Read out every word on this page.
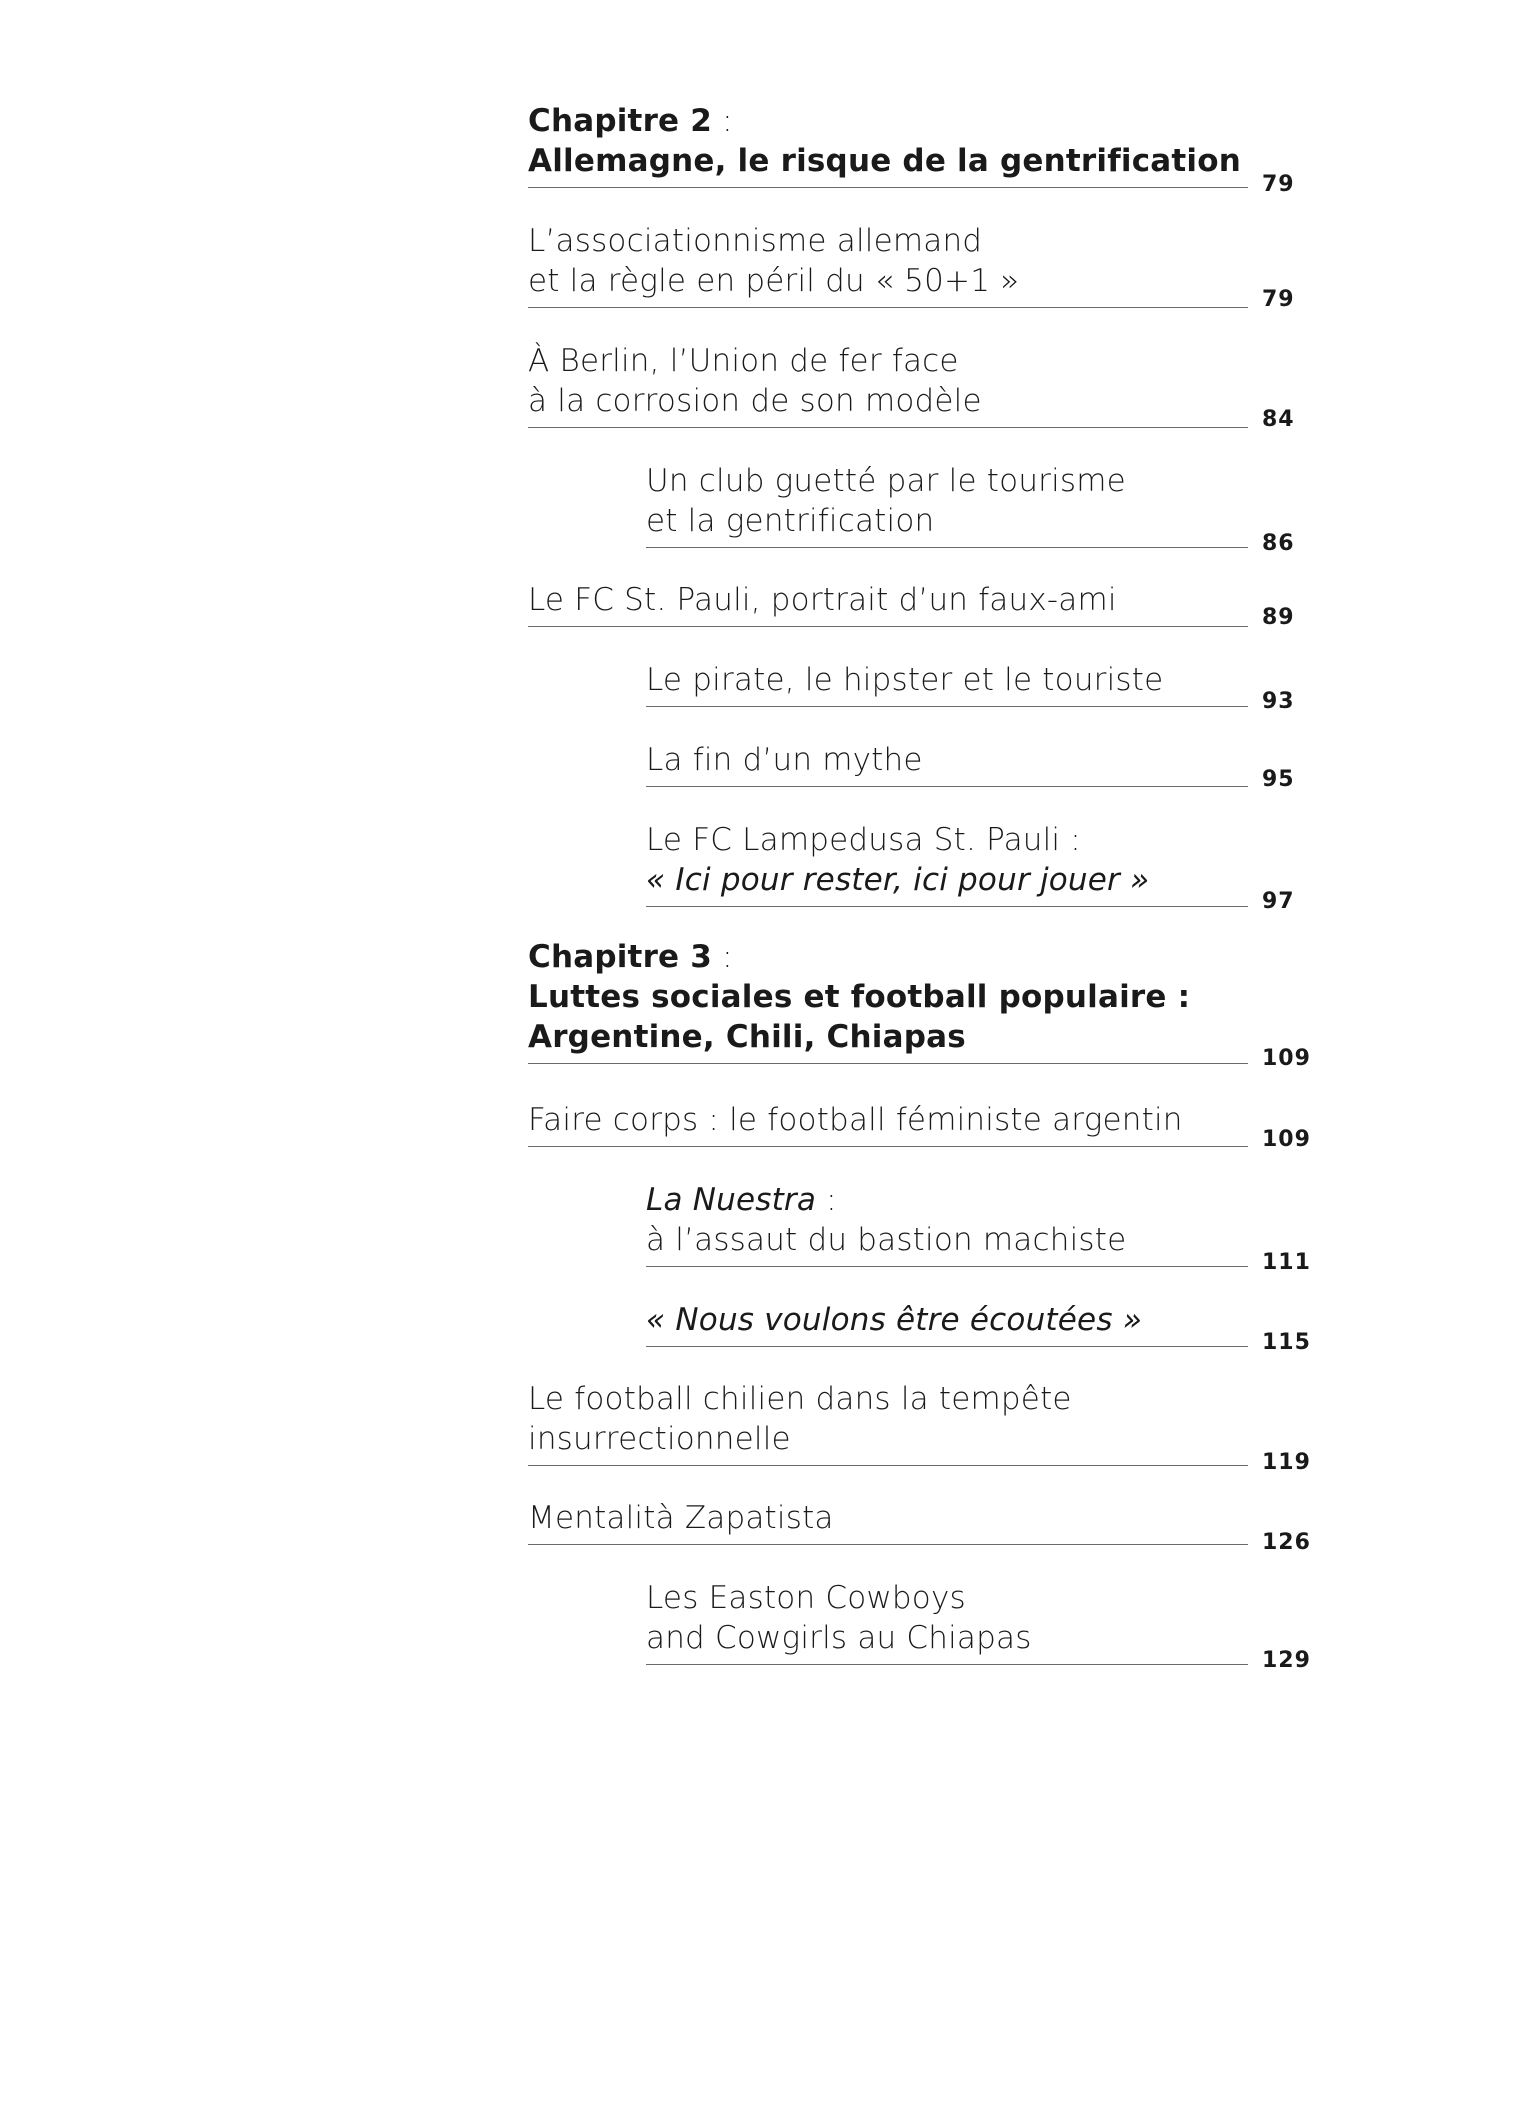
Chapitre 2 :
Allemagne, le risque de la gentrification
79
L’associationnisme allemand
et la règle en péril du « 50+1 »
79
À Berlin, l’Union de fer face
à la corrosion de son modèle
84
Un club guetté par le tourisme
et la gentrification
86
Le FC St. Pauli, portrait d’un faux-ami	89
Le pirate, le hipster et le touriste
93
La fin d’un mythe
95
Le FC Lampedusa St. Pauli :
« Ici pour rester, ici pour jouer »
97
Chapitre 3 :
Luttes sociales et football populaire :
Argentine, Chili, Chiapas
109
Faire corps : le football féministe argentin
109
La Nuestra :
à l’assaut du bastion machiste
111
« Nous voulons être écoutées »
115
Le football chilien dans la tempête
insurrectionnelle
119
Mentalità Zapatista
126
Les Easton Cowboys
and Cowgirls au Chiapas
129
